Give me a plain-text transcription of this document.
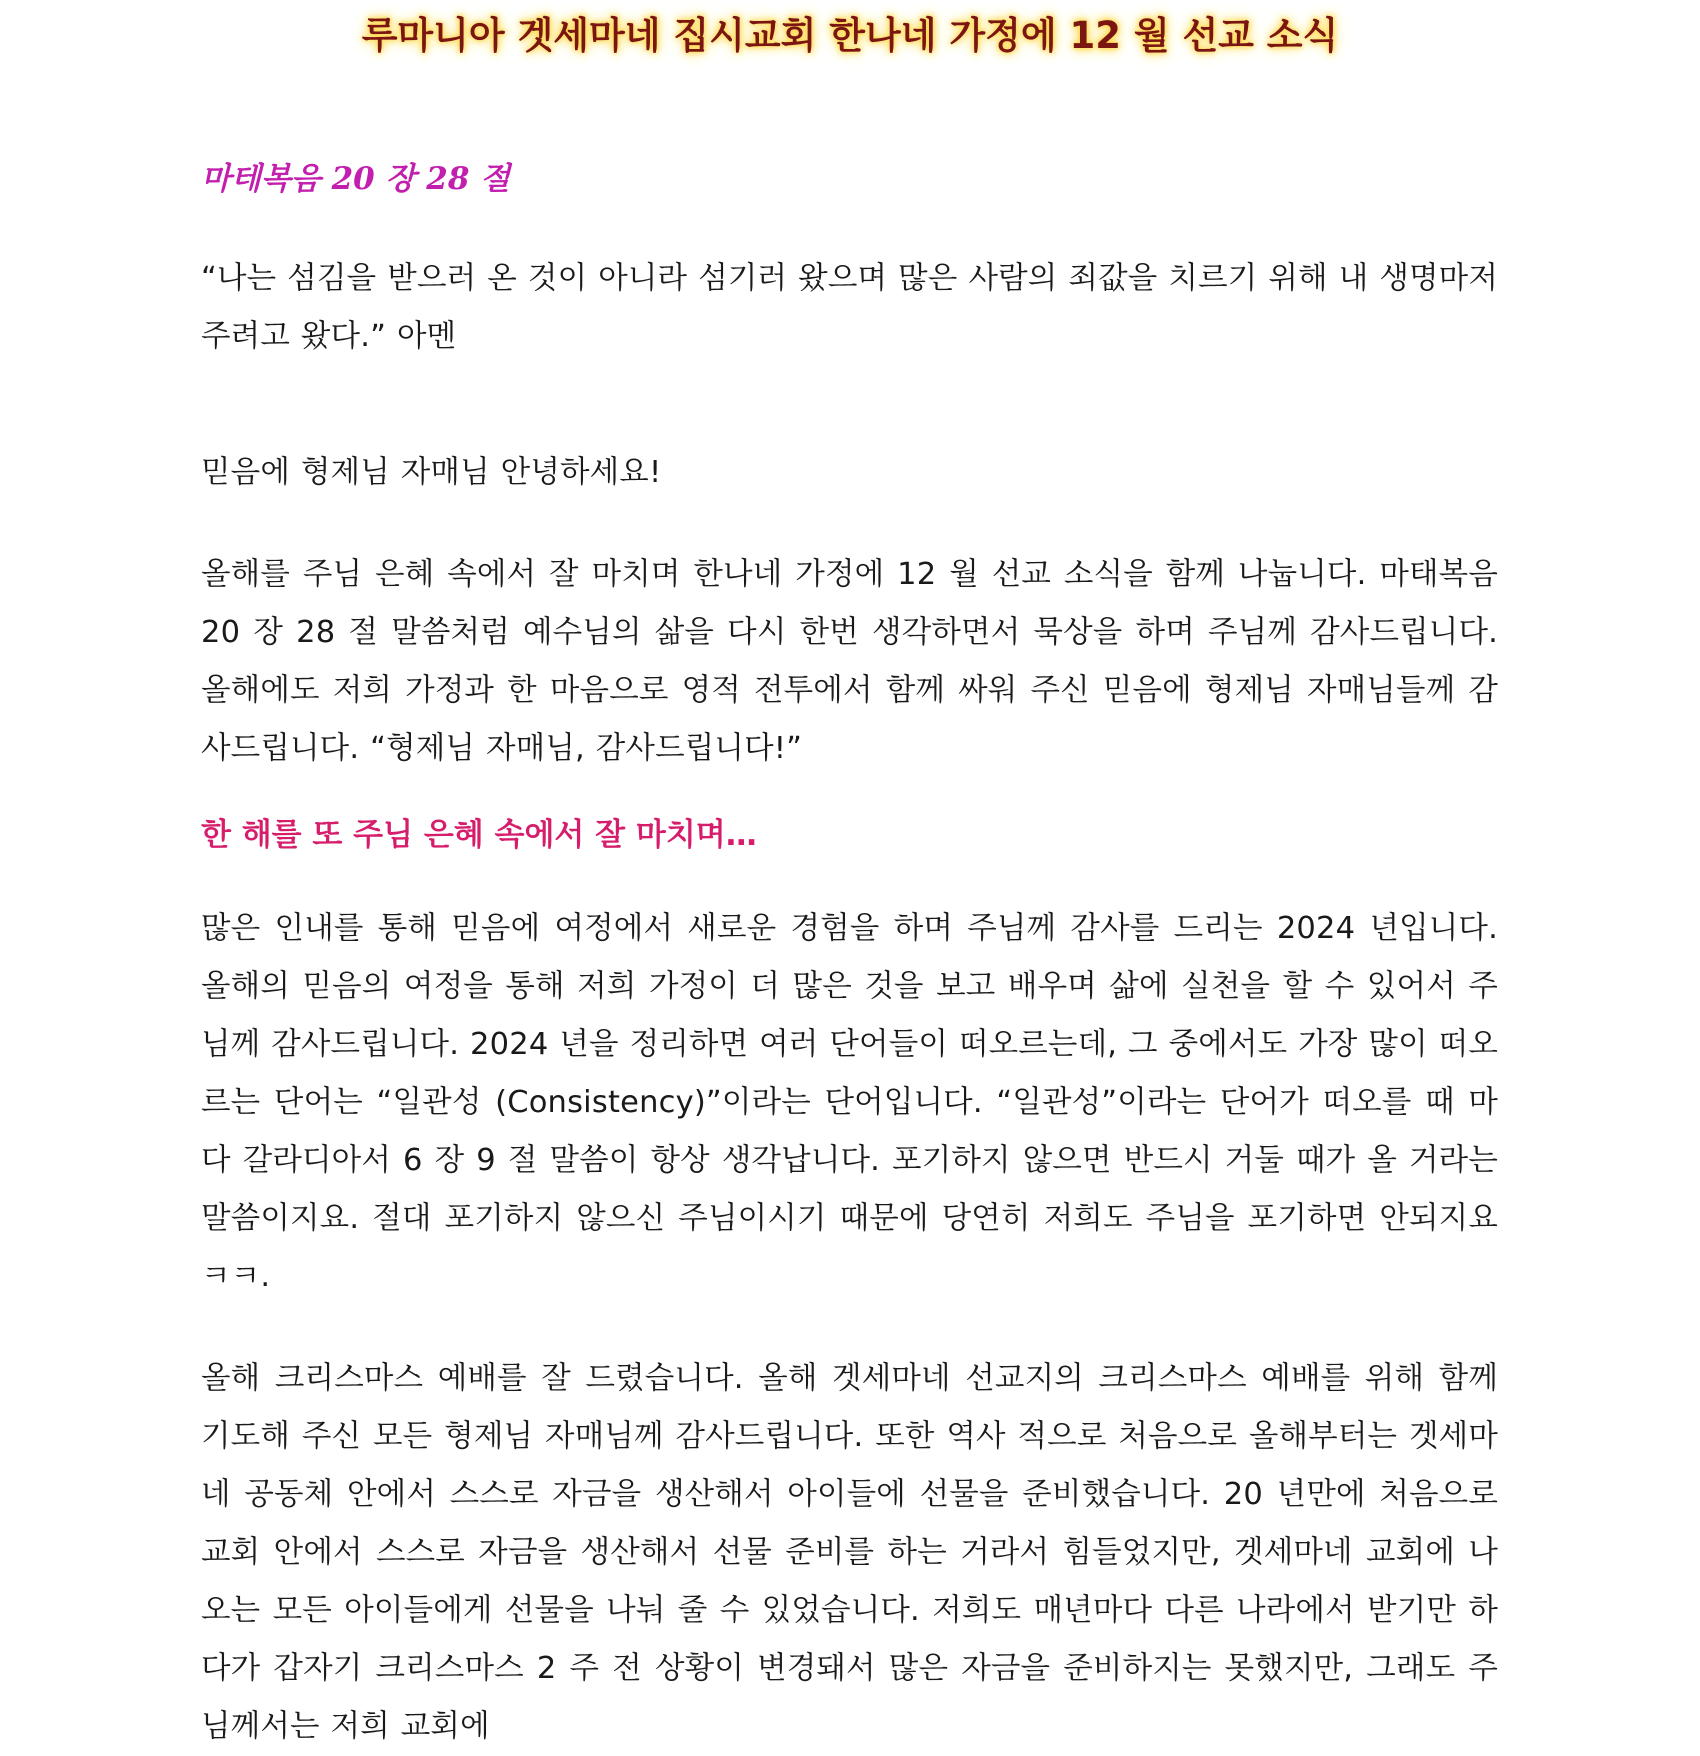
루마니아 겟세마네 집시교회 한나네 가정에 12 월 선교 소식

마테복음 20 장 28 절

“나는 섬김을 받으러 온 것이 아니라 섬기러 왔으며 많은 사람의 죄값을 치르기 위해 내 생명마저 주려고 왔다.” 아멘

믿음에 형제님 자매님 안녕하세요!

올해를 주님 은혜 속에서 잘 마치며 한나네 가정에 12 월 선교 소식을 함께 나눕니다. 마태복음 20 장 28 절 말씀처럼 예수님의 삶을 다시 한번 생각하면서 묵상을 하며 주님께 감사드립니다. 올해에도 저희 가정과 한 마음으로 영적 전투에서 함께 싸워 주신 믿음에 형제님 자매님들께 감사드립니다. “형제님 자매님, 감사드립니다!”

한 해를 또 주님 은혜 속에서 잘 마치며…

많은 인내를 통해 믿음에 여정에서 새로운 경험을 하며 주님께 감사를 드리는 2024 년입니다. 올해의 믿음의 여정을 통해 저희 가정이 더 많은 것을 보고 배우며 삶에 실천을 할 수 있어서 주님께 감사드립니다. 2024 년을 정리하면 여러 단어들이 떠오르는데, 그 중에서도 가장 많이 떠오르는 단어는 “일관성 (Consistency)”이라는 단어입니다. “일관성”이라는 단어가 떠오를 때 마다 갈라디아서 6 장 9 절 말씀이 항상 생각납니다. 포기하지 않으면 반드시 거둘 때가 올 거라는 말씀이지요. 절대 포기하지 않으신 주님이시기 때문에 당연히 저희도 주님을 포기하면 안되지요 ㅋㅋ.

올해 크리스마스 예배를 잘 드렸습니다. 올해 겟세마네 선교지의 크리스마스 예배를 위해 함께 기도해 주신 모든 형제님 자매님께 감사드립니다. 또한 역사 적으로 처음으로 올해부터는 겟세마네 공동체 안에서 스스로 자금을 생산해서 아이들에 선물을 준비했습니다. 20 년만에 처음으로 교회 안에서 스스로 자금을 생산해서 선물 준비를 하는 거라서 힘들었지만, 겟세마네 교회에 나오는 모든 아이들에게 선물을 나눠 줄 수 있었습니다. 저희도 매년마다 다른 나라에서 받기만 하다가 갑자기 크리스마스 2 주 전 상황이 변경돼서 많은 자금을 준비하지는 못했지만, 그래도 주님께서는 저희 교회에
